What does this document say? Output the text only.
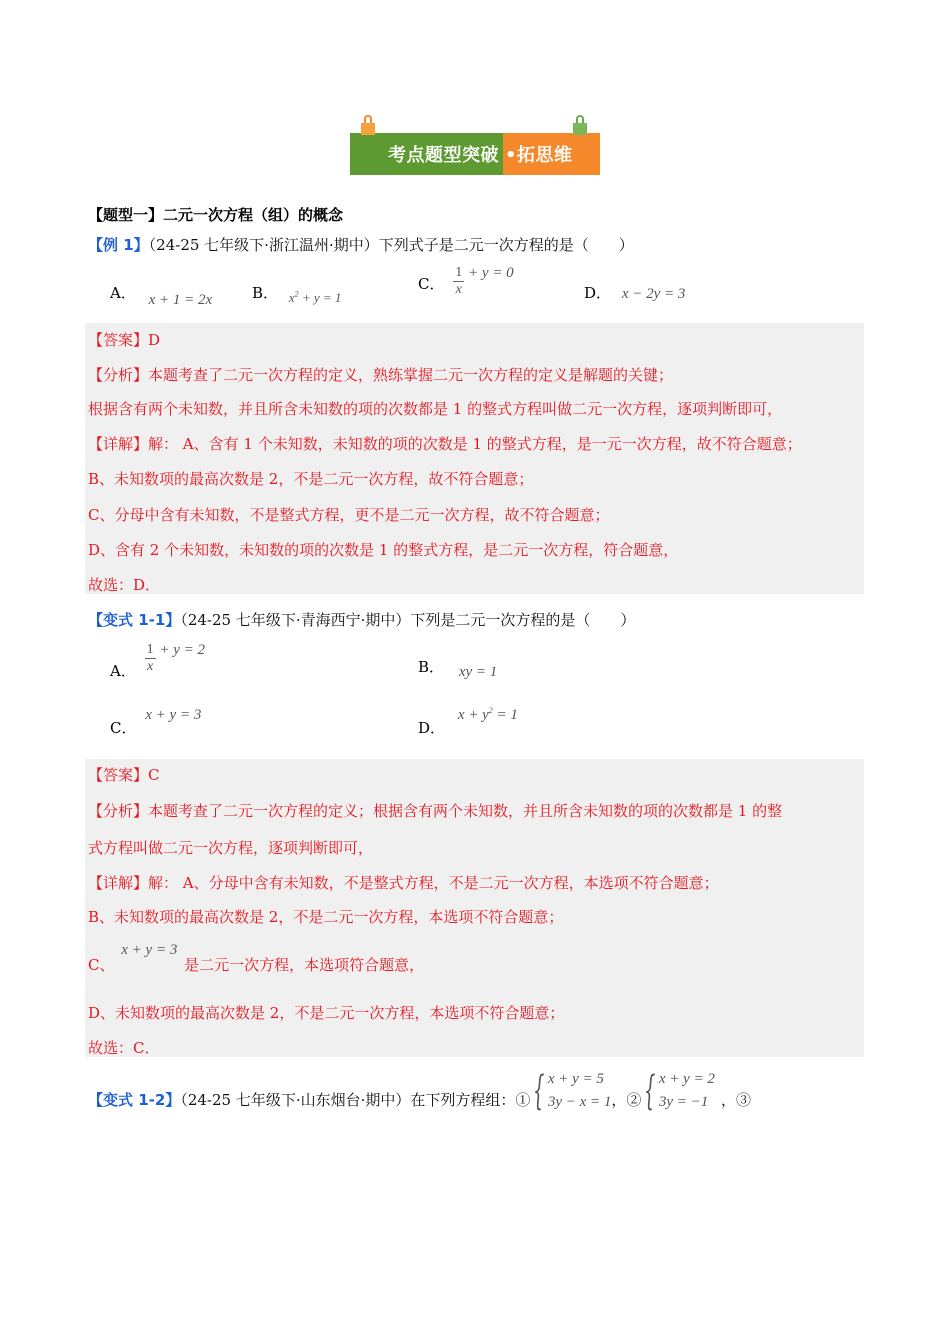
考点题型突破 •拓思维
【题型一】二元一次方程（组）的概念
【例 1】（24-25 七年级下·浙江温州·期中）下列式子是二元一次方程的是（　　）
A． x + 1 = 2x	B． $x^2 + y = 1$
C． $\frac{1}{x} + y = 0$
D． x − 2y = 3
【答案】D
【分析】本题考查了二元一次方程的定义，熟练掌握二元一次方程的定义是解题的关键；
根据含有两个未知数，并且所含未知数的项的次数都是 1 的整式方程叫做二元一次方程，逐项判断即可，
【详解】解： A、含有 1 个未知数，未知数的项的次数是 1 的整式方程，是一元一次方程，故不符合题意；
B、未知数项的最高次数是 2，不是二元一次方程，故不符合题意；
C、分母中含有未知数，不是整式方程，更不是二元一次方程，故不符合题意；
D、含有 2 个未知数，未知数的项的次数是 1 的整式方程，是二元一次方程，符合题意，
故选：D．
【变式 1-1】（24-25 七年级下·青海西宁·期中）下列是二元一次方程的是（　　）
A． $\frac{1}{x} + y = 2$
B． xy = 1
C． x + y = 3
D． $x + y^2 = 1$
【答案】C
【分析】本题考查了二元一次方程的定义；根据含有两个未知数，并且所含未知数的项的次数都是 1 的整
式方程叫做二元一次方程，逐项判断即可，
【详解】解： A、分母中含有未知数，不是整式方程，不是二元一次方程，本选项不符合题意；
B、未知数项的最高次数是 2，不是二元一次方程，本选项不符合题意；
C、 x + y = 3 是二元一次方程，本选项符合题意，
D、未知数项的最高次数是 2，不是二元一次方程，本选项不符合题意；
故选：C．
【变式 1-2】（24-25 七年级下·山东烟台·期中）在下列方程组：① { x + y = 5
3y − x = 1 ，② { x + y = 2
3y = −1 ，③
